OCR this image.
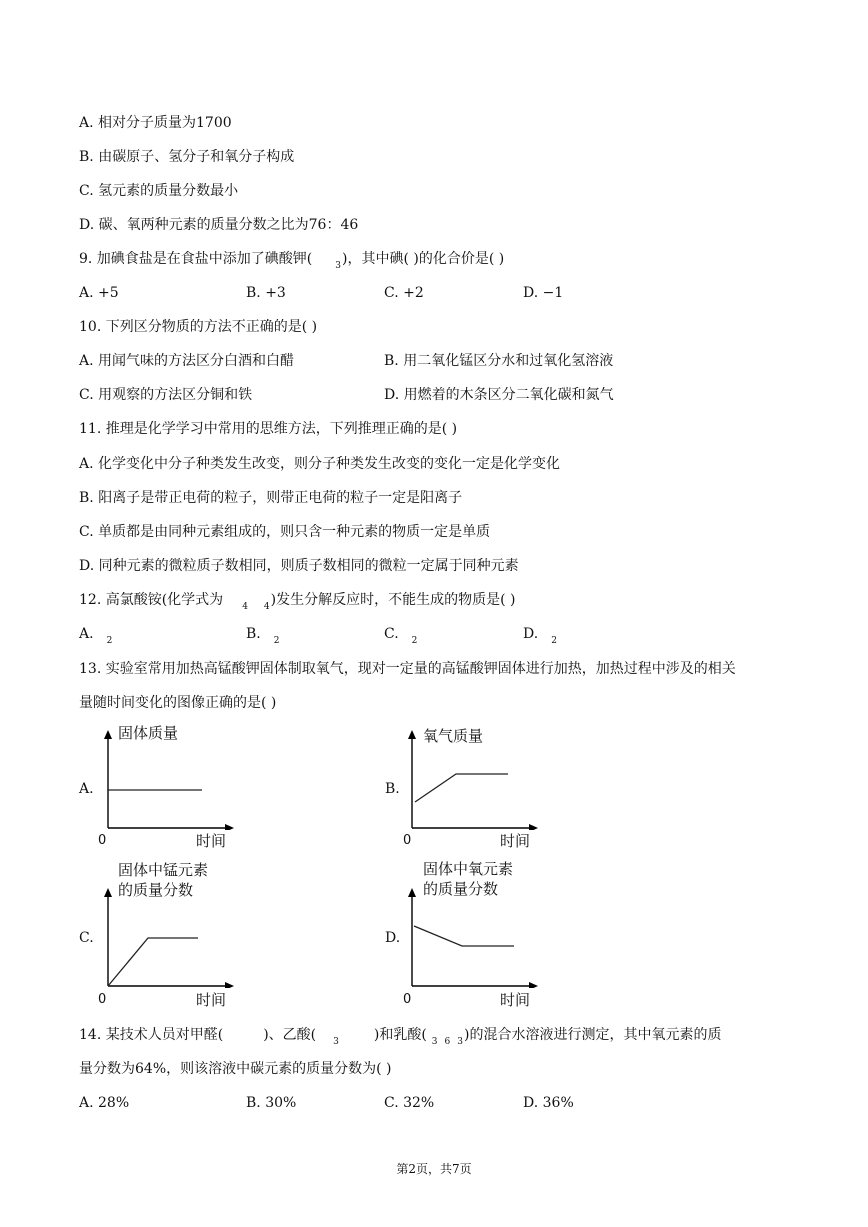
A. 相对分子质量为1700
B. 由碳原子、氢分子和氧分子构成
C. 氢元素的质量分数最小
D. 碳、氧两种元素的质量分数之比为76：46
9. 加碘食盐是在食盐中添加了碘酸钾(	$_3$)，其中碘( )的化合价是( )
A. +5	B. +3	C. +2	D. −1
10. 下列区分物质的方法不正确的是( )
A. 用闻气味的方法区分白酒和白醋	B. 用二氧化锰区分水和过氧化氢溶液
C. 用观察的方法区分铜和铁	D. 用燃着的木条区分二氧化碳和氮气
11. 推理是化学学习中常用的思维方法，下列推理正确的是( )
A. 化学变化中分子种类发生改变，则分子种类发生改变的变化一定是化学变化
B. 阳离子是带正电荷的粒子，则带正电荷的粒子一定是阳离子
C. 单质都是由同种元素组成的，则只含一种元素的物质一定是单质
D. 同种元素的微粒质子数相同，则质子数相同的微粒一定属于同种元素
12. 高氯酸铵(化学式为 $_4$ $_4$)发生分解反应时，不能生成的物质是( )
A. $_2$	B. $_2$	C. $_2$	D. $_2$
13. 实验室常用加热高锰酸钾固体制取氧气，现对一定量的高锰酸钾固体进行加热，加热过程中涉及的相关
量随时间变化的图像正确的是( )
A.
固体质量
0	时间
B.
氧气质量
0	时间
C.
固体中锰元素
的质量分数
0	时间
D.
固体中氧元素
的质量分数
0	时间
14. 某技术人员对甲醛(	)、乙酸( $_3$	)和乳酸( $_3$ $_6$ $_3$)的混合水溶液进行测定，其中氧元素的质
量分数为64%，则该溶液中碳元素的质量分数为( )
A. 28%	B. 30%	C. 32%	D. 36%
第2页，共7页
